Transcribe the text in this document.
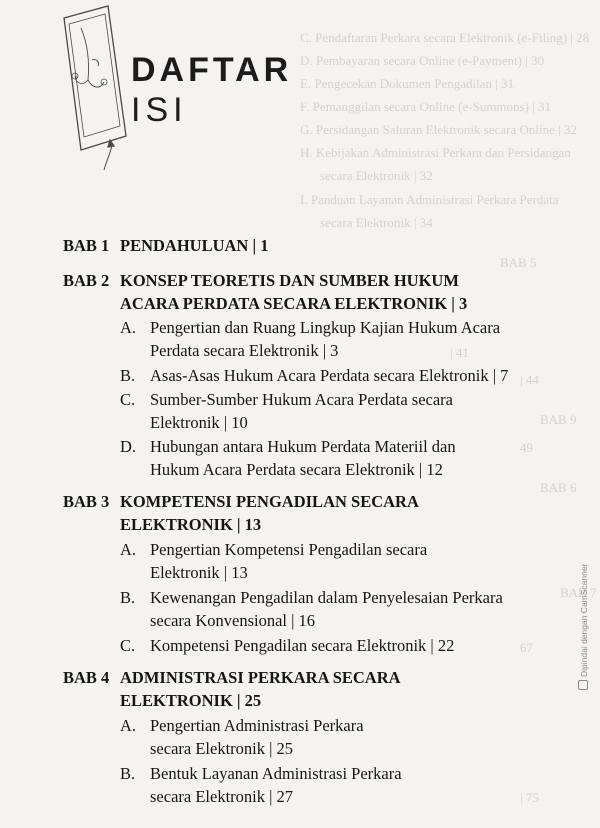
C. Pendaftaran Perkara secara Elektronik (e-Filing) | 28
D. Pembayaran secara Online (e-Payment) | 30
E. Pengecekan Dokumen Pengadilan | 31
F. Pemanggilan secara Online (e-Summons) | 31
G. Persidangan Saluran Elektronik secara Online | 32
H. Kebijakan Administrasi Perkara dan Persidangan
secara Elektronik | 32
I. Panduan Layanan Administrasi Perkara Perdata
secara Elektronik | 34
BAB 5
| 41
| 44
BAB 9
49
BAB 6
BAB 7
67
| 75
DAFTAR
ISI
BAB 1 PENDAHULUAN | 1
BAB 2 KONSEP TEORETIS DAN SUMBER HUKUM
ACARA PERDATA SECARA ELEKTRONIK | 3
A. Pengertian dan Ruang Lingkup Kajian Hukum Acara
Perdata secara Elektronik | 3
B. Asas-Asas Hukum Acara Perdata secara Elektronik | 7
C. Sumber-Sumber Hukum Acara Perdata secara
Elektronik | 10
D. Hubungan antara Hukum Perdata Materiil dan
Hukum Acara Perdata secara Elektronik | 12
BAB 3 KOMPETENSI PENGADILAN SECARA
ELEKTRONIK | 13
A. Pengertian Kompetensi Pengadilan secara
Elektronik | 13
B. Kewenangan Pengadilan dalam Penyelesaian Perkara
secara Konvensional | 16
C. Kompetensi Pengadilan secara Elektronik | 22
BAB 4 ADMINISTRASI PERKARA SECARA
ELEKTRONIK | 25
A. Pengertian Administrasi Perkara
secara Elektronik | 25
B. Bentuk Layanan Administrasi Perkara
secara Elektronik | 27
Dipindai dengan CamScanner
